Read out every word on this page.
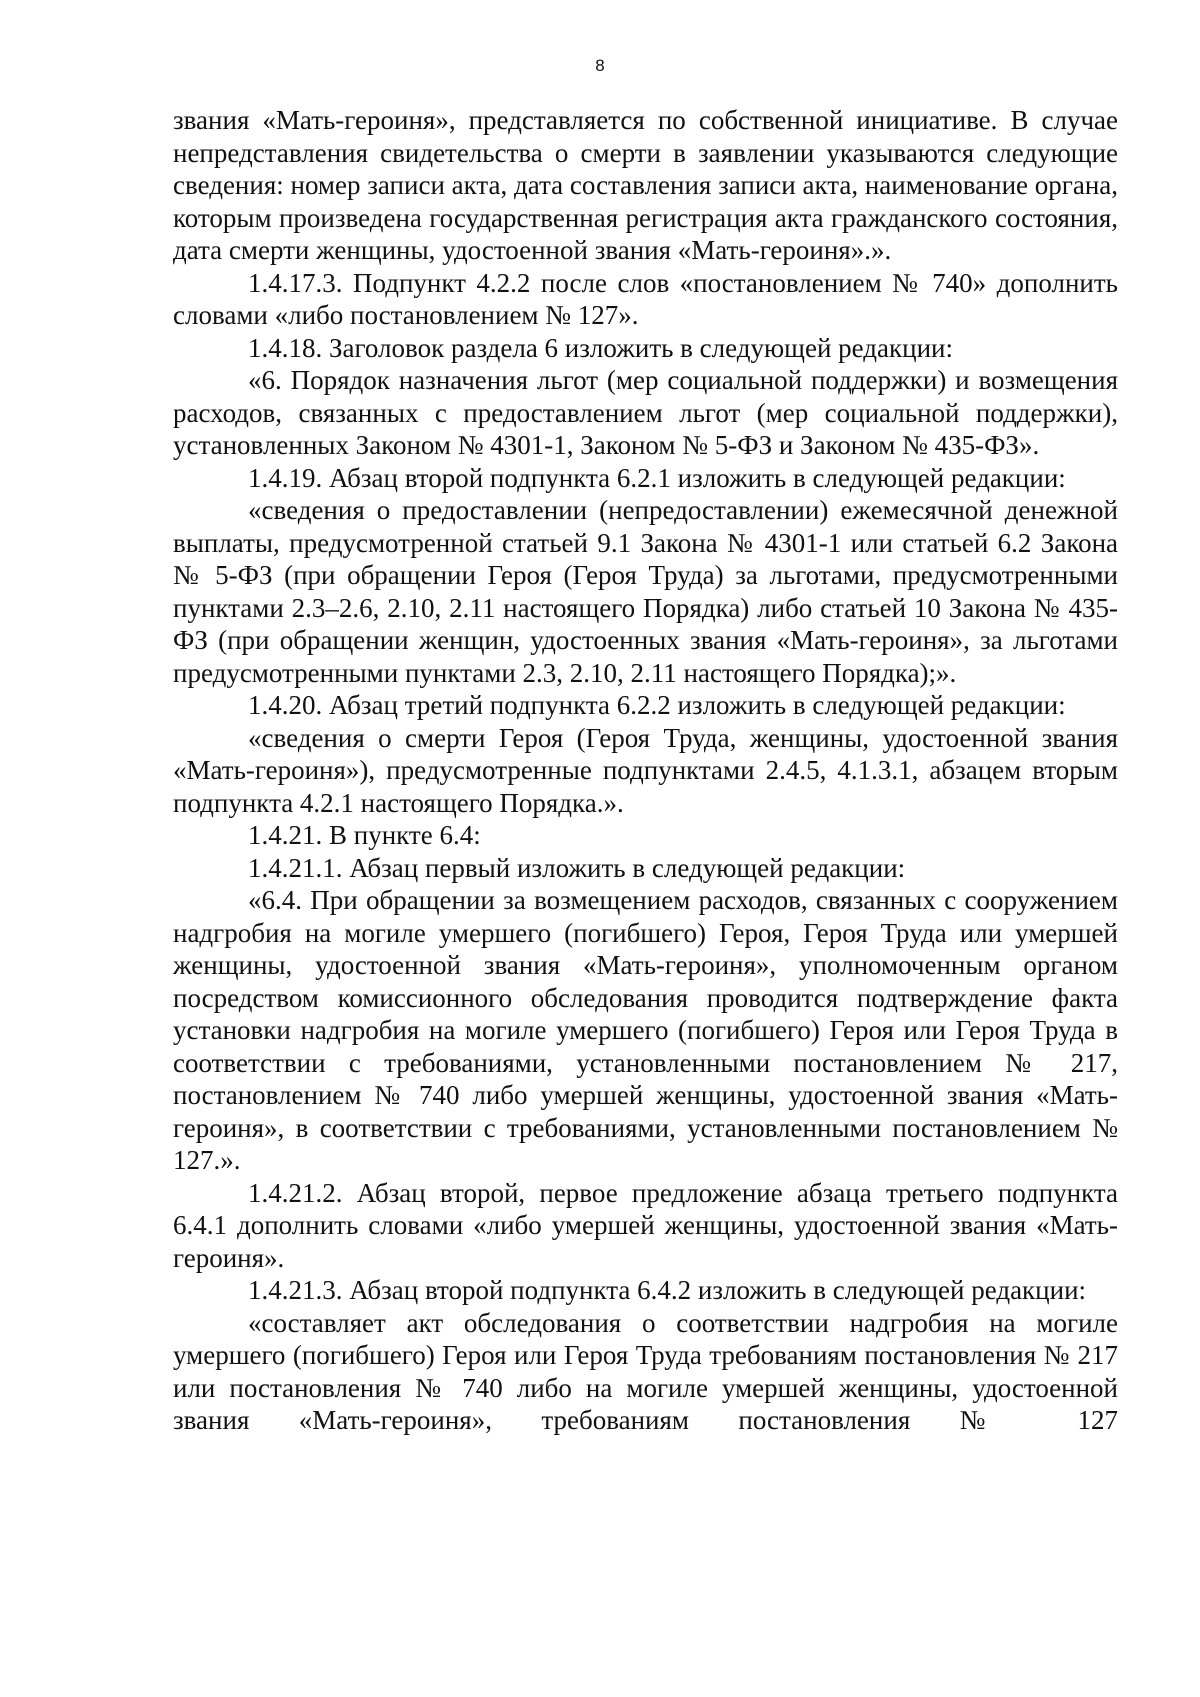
8

звания «Мать-героиня», представляется по собственной инициативе. В случае непредставления свидетельства о смерти в заявлении указываются следующие сведения: номер записи акта, дата составления записи акта, наименование органа, которым произведена государственная регистрация акта гражданского состояния, дата смерти женщины, удостоенной звания «Мать-героиня».».

1.4.17.3. Подпункт 4.2.2 после слов «постановлением № 740» дополнить словами «либо постановлением № 127».

1.4.18. Заголовок раздела 6 изложить в следующей редакции:

«6. Порядок назначения льгот (мер социальной поддержки) и возмещения расходов, связанных с предоставлением льгот (мер социальной поддержки), установленных Законом № 4301-1, Законом № 5-ФЗ и Законом № 435-ФЗ».

1.4.19. Абзац второй подпункта 6.2.1 изложить в следующей редакции:

«сведения о предоставлении (непредоставлении) ежемесячной денежной выплаты, предусмотренной статьей 9.1 Закона № 4301-1 или статьей 6.2 Закона № 5-ФЗ (при обращении Героя (Героя Труда) за льготами, предусмотренными пунктами 2.3–2.6, 2.10, 2.11 настоящего Порядка) либо статьей 10 Закона № 435-ФЗ (при обращении женщин, удостоенных звания «Мать-героиня», за льготами предусмотренными пунктами 2.3, 2.10, 2.11 настоящего Порядка);».

1.4.20. Абзац третий подпункта 6.2.2 изложить в следующей редакции:

«сведения о смерти Героя (Героя Труда, женщины, удостоенной звания «Мать-героиня»), предусмотренные подпунктами 2.4.5, 4.1.3.1, абзацем вторым подпункта 4.2.1 настоящего Порядка.».

1.4.21. В пункте 6.4:

1.4.21.1. Абзац первый изложить в следующей редакции:

«6.4. При обращении за возмещением расходов, связанных с сооружением надгробия на могиле умершего (погибшего) Героя, Героя Труда или умершей женщины, удостоенной звания «Мать-героиня», уполномоченным органом посредством комиссионного обследования проводится подтверждение факта установки надгробия на могиле умершего (погибшего) Героя или Героя Труда в соответствии с требованиями, установленными постановлением № 217, постановлением № 740 либо умершей женщины, удостоенной звания «Мать-героиня», в соответствии с требованиями, установленными постановлением № 127.».

1.4.21.2. Абзац второй, первое предложение абзаца третьего подпункта 6.4.1 дополнить словами «либо умершей женщины, удостоенной звания «Мать-героиня».

1.4.21.3. Абзац второй подпункта 6.4.2 изложить в следующей редакции:

«составляет акт обследования о соответствии надгробия на могиле умершего (погибшего) Героя или Героя Труда требованиям постановления № 217 или постановления № 740 либо на могиле умершей женщины, удостоенной звания «Мать-героиня», требованиям постановления № 127
